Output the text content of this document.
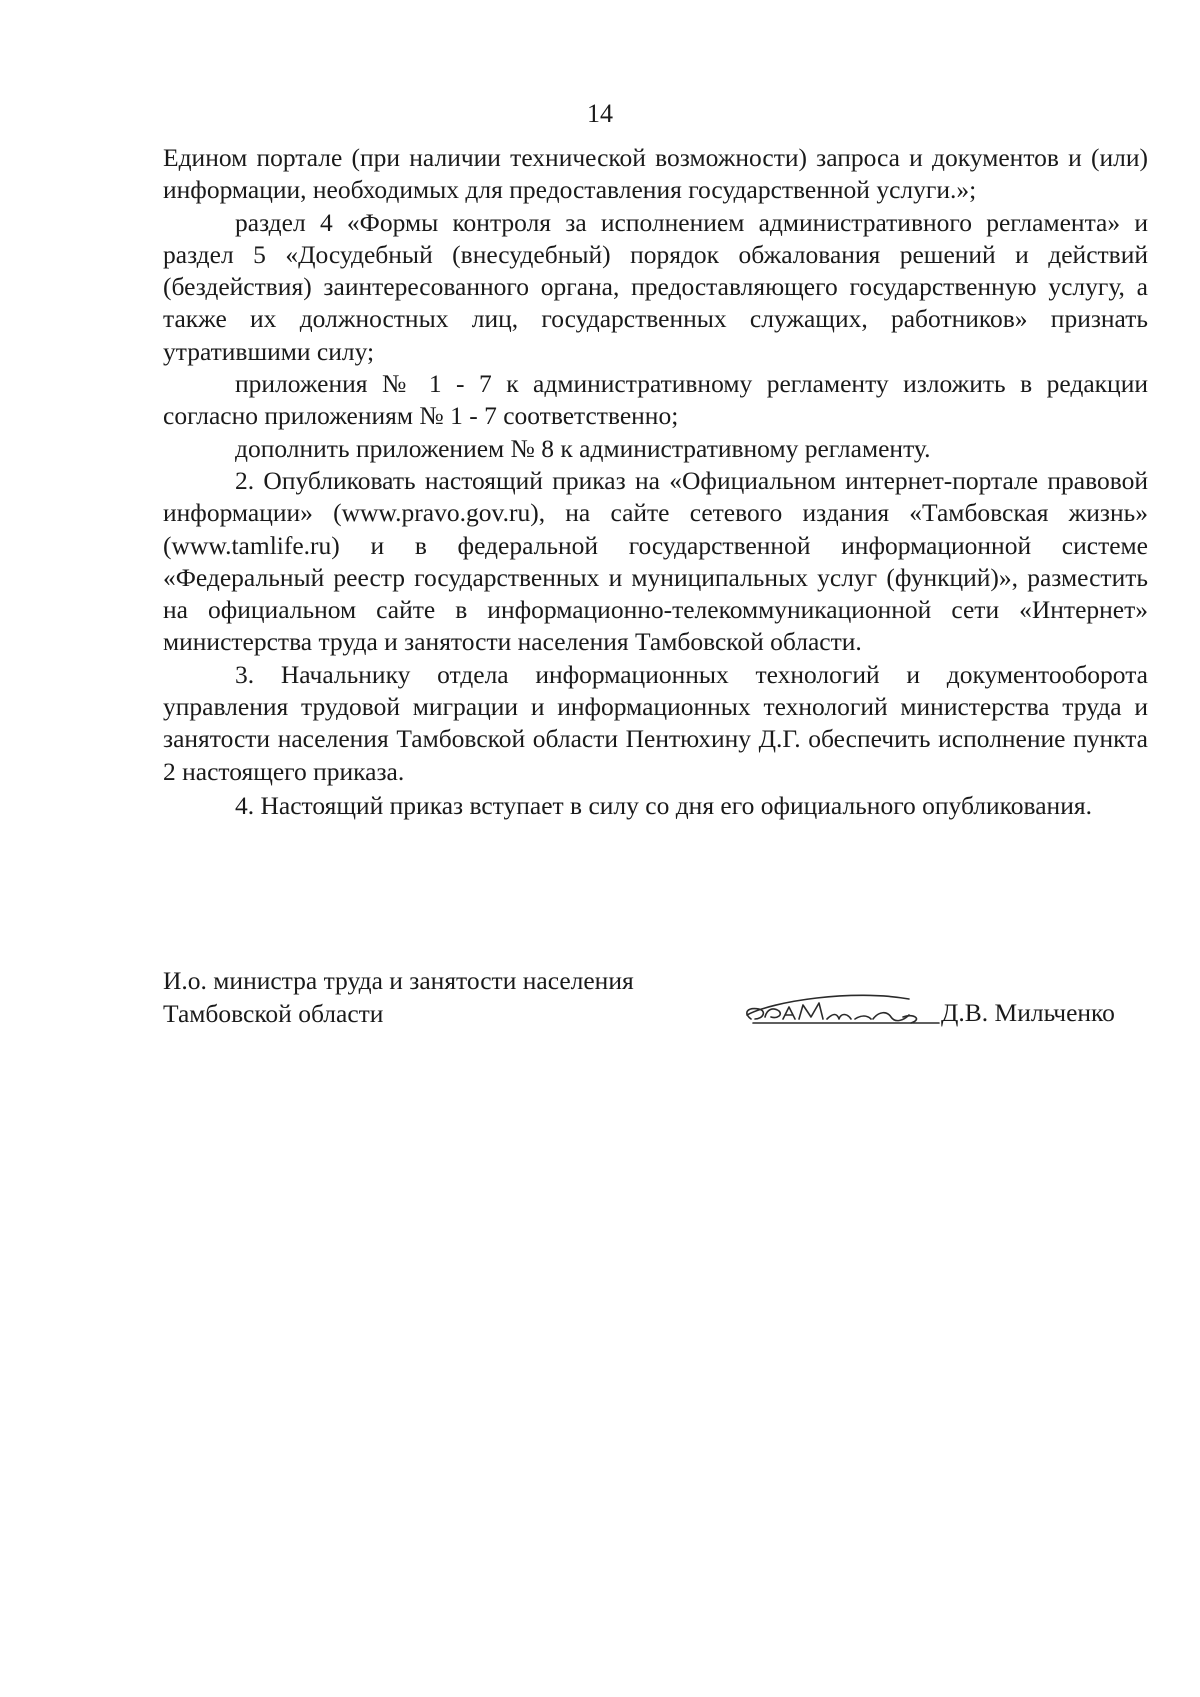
14

Едином портале (при наличии технической возможности) запроса и документов и (или) информации, необходимых для предоставления государственной услуги.»;

раздел 4 «Формы контроля за исполнением административного регламента» и раздел 5 «Досудебный (внесудебный) порядок обжалования решений и действий (бездействия) заинтересованного органа, предоставляющего государственную услугу, а также их должностных лиц, государственных служащих, работников» признать утратившими силу;

приложения № 1 - 7 к административному регламенту изложить в редакции согласно приложениям № 1 - 7 соответственно;

дополнить приложением № 8 к административному регламенту.

2. Опубликовать настоящий приказ на «Официальном интернет-портале правовой информации» (www.pravo.gov.ru), на сайте сетевого издания «Тамбовская жизнь» (www.tamlife.ru) и в федеральной государственной информационной системе «Федеральный реестр государственных и муниципальных услуг (функций)», разместить на официальном сайте в информационно-телекоммуникационной сети «Интернет» министерства труда и занятости населения Тамбовской области.

3. Начальнику отдела информационных технологий и документооборота управления трудовой миграции и информационных технологий министерства труда и занятости населения Тамбовской области Пентюхину Д.Г. обеспечить исполнение пункта 2 настоящего приказа.

4. Настоящий приказ вступает в силу со дня его официального опубликования.

И.о. министра труда и занятости населения
Тамбовской области	Д.В. Мильченко
